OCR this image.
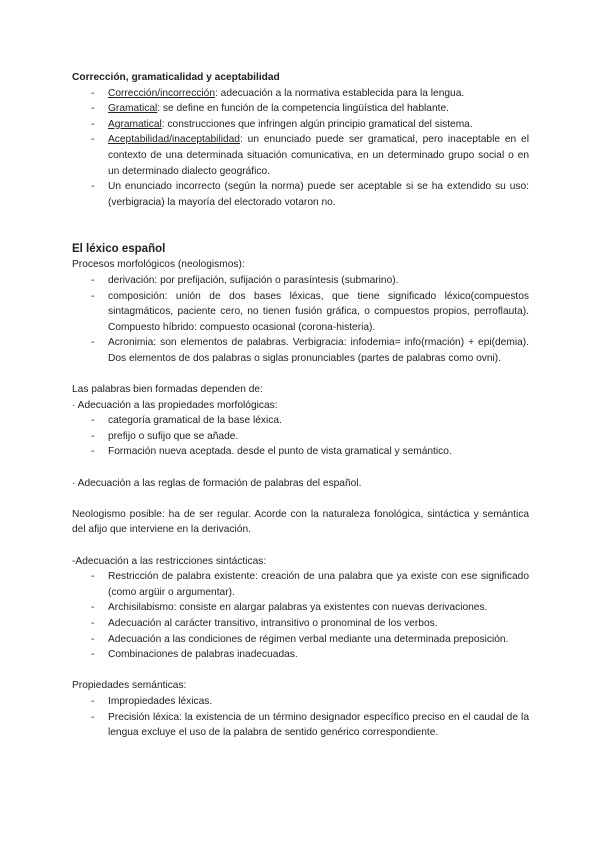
Corrección, gramaticalidad y aceptabilidad

- Corrección/incorrección: adecuación a la normativa establecida para la lengua.
- Gramatical: se define en función de la competencia lingüística del hablante.
- Agramatical: construcciones que infringen algún principio gramatical del sistema.
- Aceptabilidad/inaceptabilidad: un enunciado puede ser gramatical, pero inaceptable en el contexto de una determinada situación comunicativa, en un determinado grupo social o en un determinado dialecto geográfico.
- Un enunciado incorrecto (según la norma) puede ser aceptable si se ha extendido su uso: (verbigracia) la mayoría del electorado votaron no.

El léxico español

Procesos morfológicos (neologismos):

- derivación: por prefijación, sufijación o parasíntesis (submarino).
- composición: unión de dos bases léxicas, que tiene significado léxico(compuestos sintagmáticos, paciente cero, no tienen fusión gráfica, o compuestos propios, perroflauta). Compuesto híbrido: compuesto ocasional (corona-histeria).
- Acronimia: son elementos de palabras. Verbigracia: infodemia= info(rmación) + epi(demia). Dos elementos de dos palabras o siglas pronunciables (partes de palabras como ovni).

Las palabras bien formadas dependen de:

· Adecuación a las propiedades morfológicas:

- categoría gramatical de la base léxica.
- prefijo o sufijo que se añade.
- Formación nueva aceptada. desde el punto de vista gramatical y semántico.

· Adecuación a las reglas de formación de palabras del español.

Neologismo posible: ha de ser regular. Acorde con la naturaleza fonológica, sintáctica y semántica del afijo que interviene en la derivación.

-Adecuación a las restricciones sintácticas:

- Restricción de palabra existente: creación de una palabra que ya existe con ese significado (como argüir o argumentar).
- Archisilabismo: consiste en alargar palabras ya existentes con nuevas derivaciones.
- Adecuación al carácter transitivo, intransitivo o pronominal de los verbos.
- Adecuación a las condiciones de régimen verbal mediante una determinada preposición.
- Combinaciones de palabras inadecuadas.

Propiedades semánticas:

- Impropiedades léxicas.
- Precisión léxica: la existencia de un término designador específico preciso en el caudal de la lengua excluye el uso de la palabra de sentido genérico correspondiente.
